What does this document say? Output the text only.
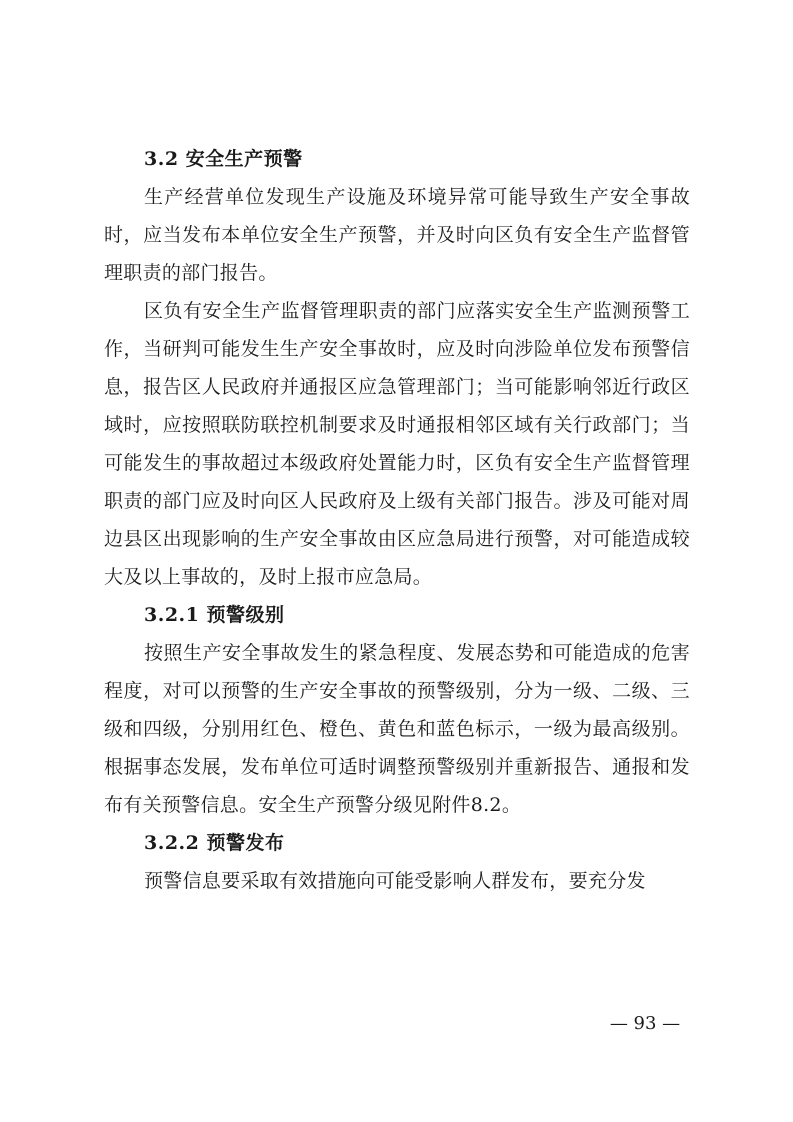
3.2 安全生产预警

生产经营单位发现生产设施及环境异常可能导致生产安全事故时，应当发布本单位安全生产预警，并及时向区负有安全生产监督管理职责的部门报告。

区负有安全生产监督管理职责的部门应落实安全生产监测预警工作，当研判可能发生生产安全事故时，应及时向涉险单位发布预警信息，报告区人民政府并通报区应急管理部门；当可能影响邻近行政区域时，应按照联防联控机制要求及时通报相邻区域有关行政部门；当可能发生的事故超过本级政府处置能力时，区负有安全生产监督管理职责的部门应及时向区人民政府及上级有关部门报告。涉及可能对周边县区出现影响的生产安全事故由区应急局进行预警，对可能造成较大及以上事故的，及时上报市应急局。

3.2.1 预警级别

按照生产安全事故发生的紧急程度、发展态势和可能造成的危害程度，对可以预警的生产安全事故的预警级别，分为一级、二级、三级和四级，分别用红色、橙色、黄色和蓝色标示，一级为最高级别。根据事态发展，发布单位可适时调整预警级别并重新报告、通报和发布有关预警信息。安全生产预警分级见附件8.2。

3.2.2 预警发布

预警信息要采取有效措施向可能受影响人群发布，要充分发

— 93 —
